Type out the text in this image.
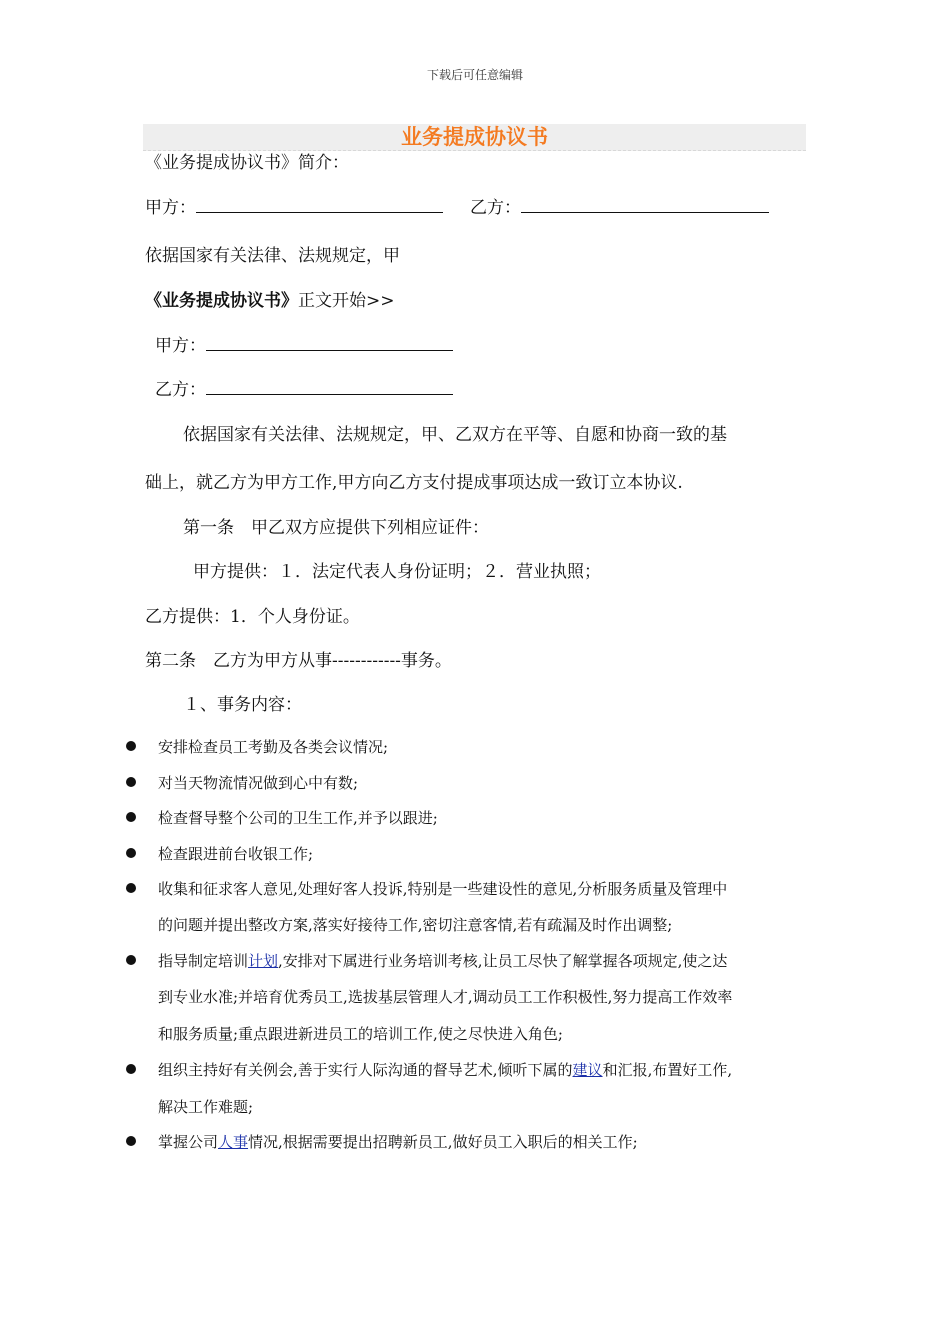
下载后可任意编辑
业务提成协议书
《业务提成协议书》简介：
甲方：	乙方：
依据国家有关法律、法规规定，甲
《业务提成协议书》正文开始>>
甲方：
乙方：
依据国家有关法律、法规规定，甲、乙双方在平等、自愿和协商一致的基
础上，就乙方为甲方工作,甲方向乙方支付提成事项达成一致订立本协议.
第一条　甲乙双方应提供下列相应证件：
甲方提供：１．法定代表人身份证明；２．营业执照；
乙方提供：1．个人身份证。
第二条　乙方为甲方从事------------事务。
１、事务内容：
安排检查员工考勤及各类会议情况;
对当天物流情况做到心中有数;
检查督导整个公司的卫生工作,并予以跟进;
检查跟进前台收银工作;
收集和征求客人意见,处理好客人投诉,特别是一些建设性的意见,分析服务质量及管理中
的问题并提出整改方案,落实好接待工作,密切注意客情,若有疏漏及时作出调整;
指导制定培训计划,安排对下属进行业务培训考核,让员工尽快了解掌握各项规定,使之达
到专业水准;并培育优秀员工,选拔基层管理人才,调动员工工作积极性,努力提高工作效率
和服务质量;重点跟进新进员工的培训工作,使之尽快进入角色;
组织主持好有关例会,善于实行人际沟通的督导艺术,倾听下属的建议和汇报,布置好工作,
解决工作难题;
掌握公司人事情况,根据需要提出招聘新员工,做好员工入职后的相关工作;
